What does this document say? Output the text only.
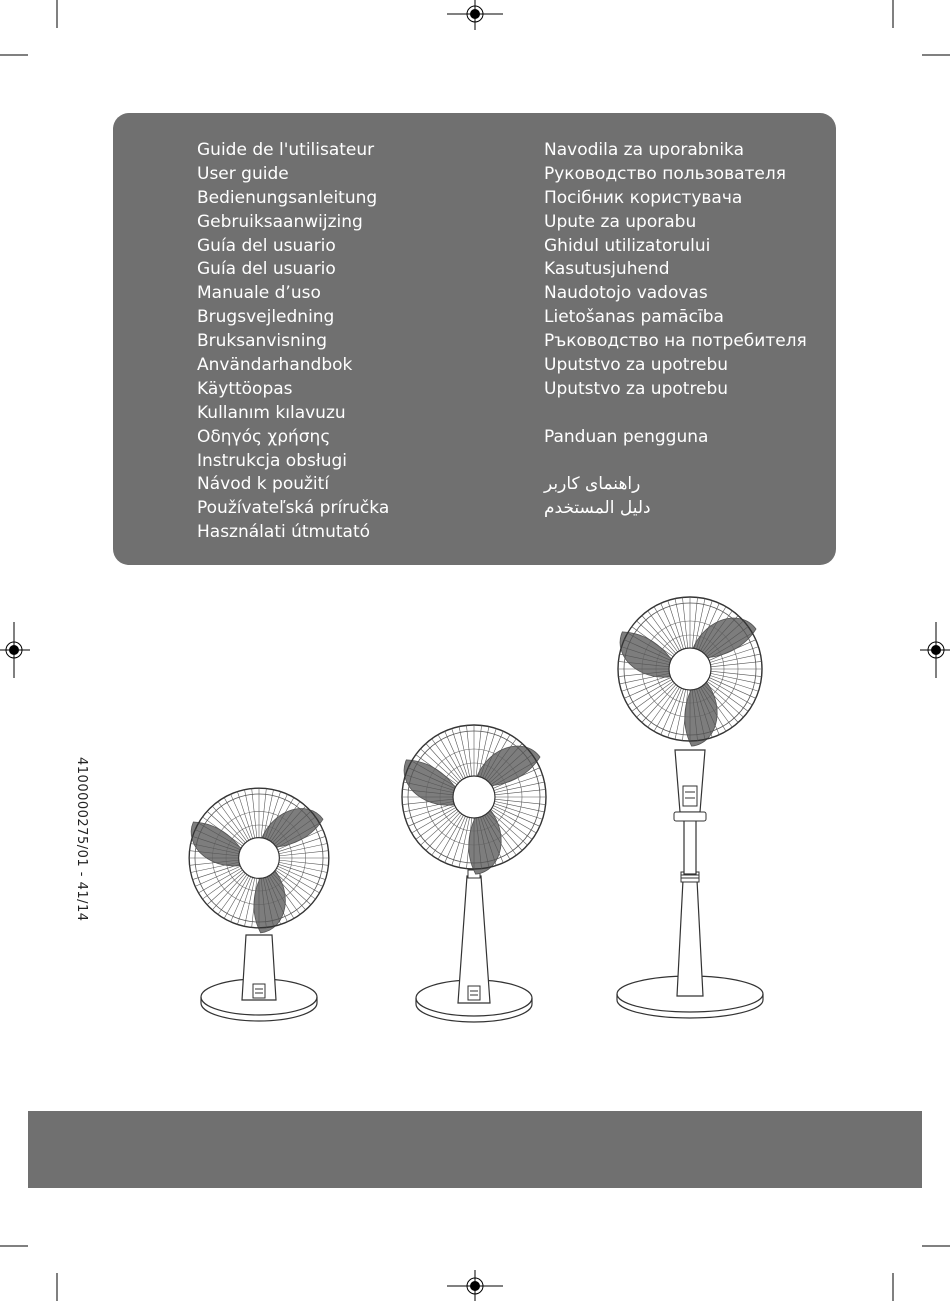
Guide de l'utilisateur
User guide
Bedienungsanleitung
Gebruiksaanwijzing
Guía del usuario
Guía del usuario
Manuale d’uso
Brugsvejledning
Bruksanvisning
Användarhandbok
Käyttöopas
Kullanım kılavuzu
Οδηγός χρήσης
Instrukcja obsługi
Návod k použití
Používateľská príručka
Használati útmutató
Navodila za uporabnika
Руководство пользователя
Посібник користувача
Upute za uporabu
Ghidul utilizatorului
Kasutusjuhend
Naudotojo vadovas
Lietošanas pamācība
Ръководство на потребителя
Uputstvo za upotrebu
Uputstvo za upotrebu
Panduan pengguna
راهنمای کاربر
دليل المستخدم
4100000275/01 - 41/14
